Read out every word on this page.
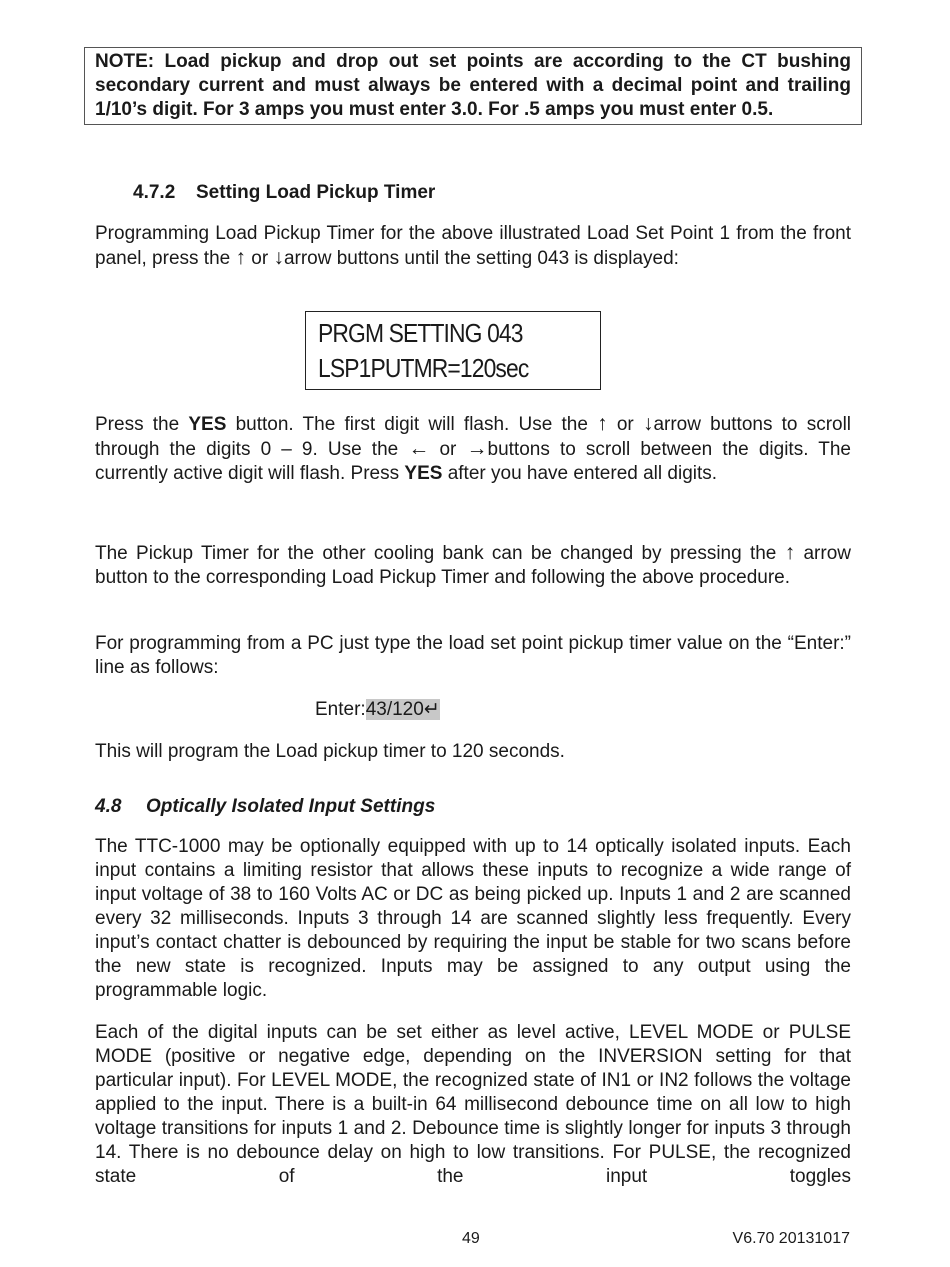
NOTE: Load pickup and drop out set points are according to the CT bushing secondary current and must always be entered with a decimal point and trailing 1/10’s digit. For 3 amps you must enter 3.0. For .5 amps you must enter 0.5.
4.7.2 Setting Load Pickup Timer
Programming Load Pickup Timer for the above illustrated Load Set Point 1 from the front panel, press the ↑ or ↓arrow buttons until the setting 043 is displayed:
PRGM SETTING 043
LSP1PUTMR=120sec
Press the YES button. The first digit will flash. Use the ↑ or ↓arrow buttons to scroll through the digits 0 – 9. Use the ← or →buttons to scroll between the digits. The currently active digit will flash. Press YES after you have entered all digits.
The Pickup Timer for the other cooling bank can be changed by pressing the ↑ arrow button to the corresponding Load Pickup Timer and following the above procedure.
For programming from a PC just type the load set point pickup timer value on the “Enter:” line as follows:
Enter:43/120↵
This will program the Load pickup timer to 120 seconds.
4.8 Optically Isolated Input Settings
The TTC-1000 may be optionally equipped with up to 14 optically isolated inputs. Each input contains a limiting resistor that allows these inputs to recognize a wide range of input voltage of 38 to 160 Volts AC or DC as being picked up. Inputs 1 and 2 are scanned every 32 milliseconds. Inputs 3 through 14 are scanned slightly less frequently. Every input’s contact chatter is debounced by requiring the input be stable for two scans before the new state is recognized. Inputs may be assigned to any output using the programmable logic.
Each of the digital inputs can be set either as level active, LEVEL MODE or PULSE MODE (positive or negative edge, depending on the INVERSION setting for that particular input). For LEVEL MODE, the recognized state of IN1 or IN2 follows the voltage applied to the input. There is a built-in 64 millisecond debounce time on all low to high voltage transitions for inputs 1 and 2. Debounce time is slightly longer for inputs 3 through 14. There is no debounce delay on high to low transitions. For PULSE, the recognized state of the input toggles
49	V6.70 20131017
